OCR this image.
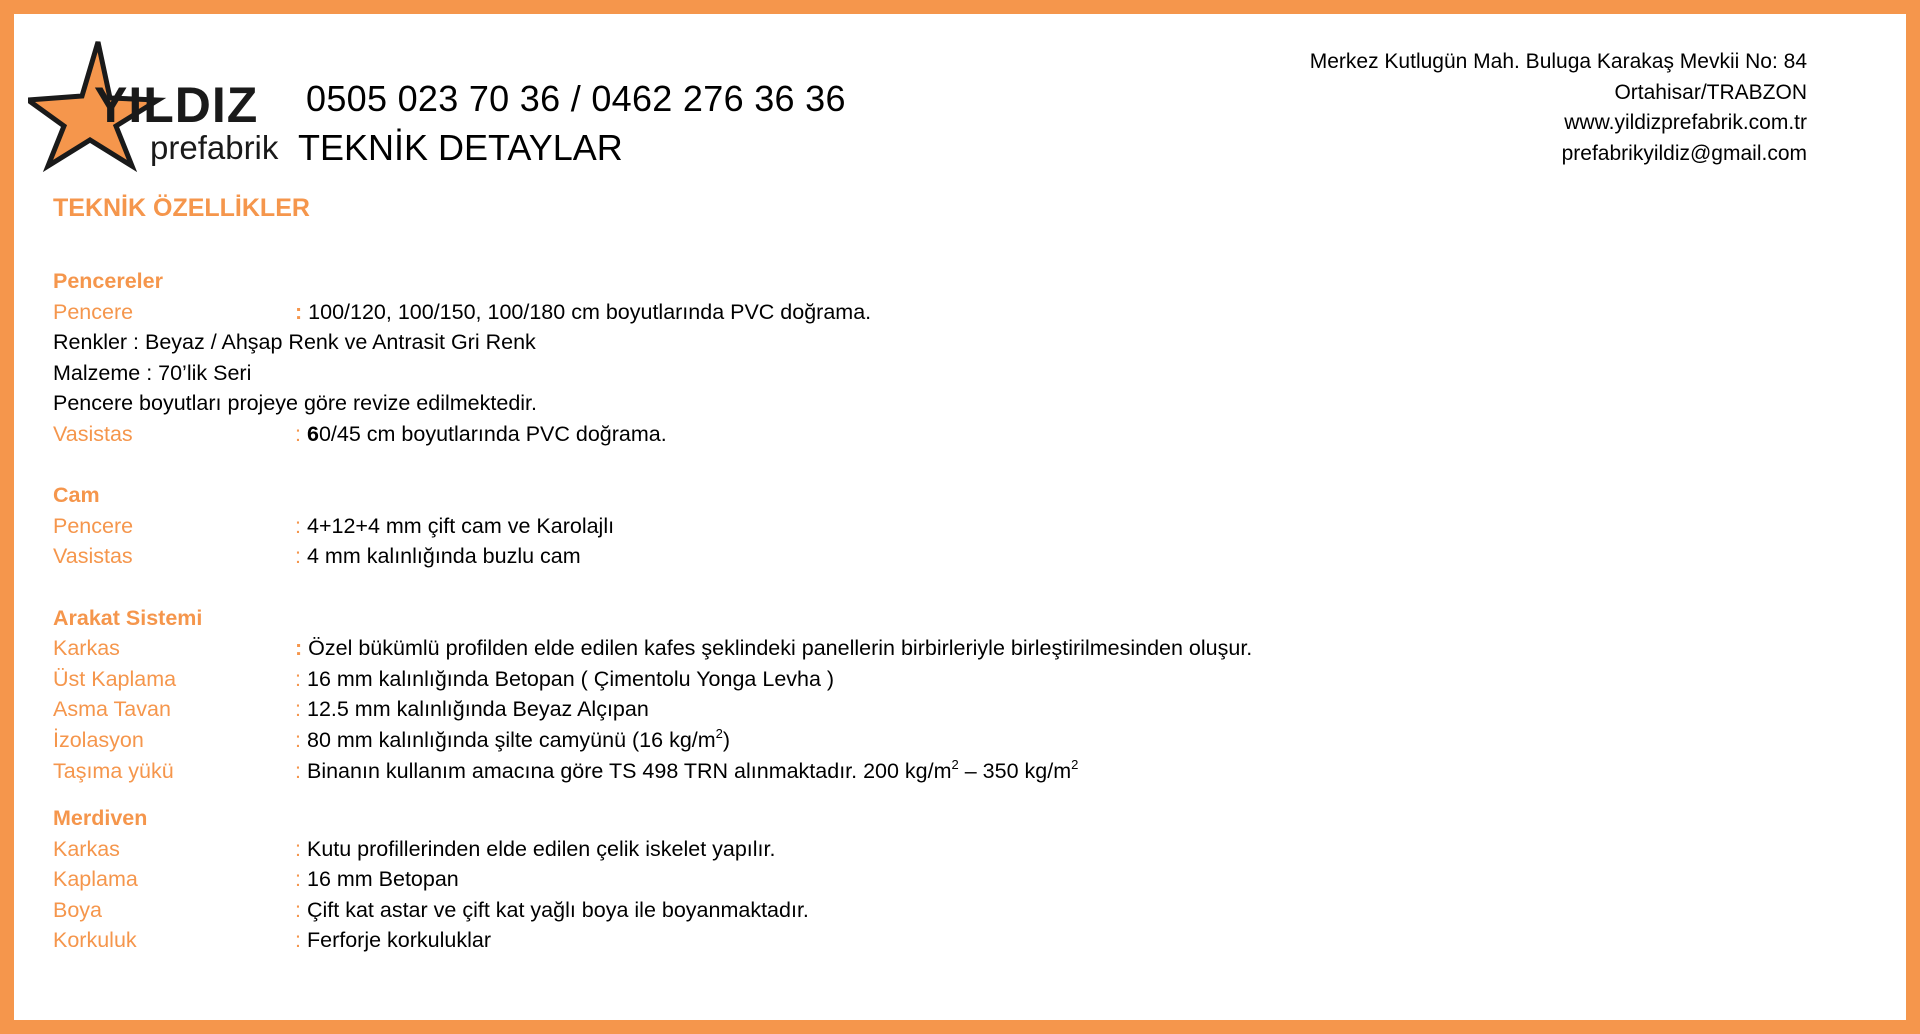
YILDIZ
prefabrik
0505 023 70 36 / 0462 276 36 36
TEKNİK DETAYLAR
Merkez Kutlugün Mah. Buluga Karakaş Mevkii No: 84
Ortahisar/TRABZON
www.yildizprefabrik.com.tr
prefabrikyildiz@gmail.com
TEKNİK ÖZELLİKLER
Pencereler
Pencere	: 100/120, 100/150, 100/180 cm boyutlarında PVC doğrama.
Renkler : Beyaz / Ahşap Renk ve Antrasit Gri Renk
Malzeme : 70’lik Seri
Pencere boyutları projeye göre revize edilmektedir.
Vasistas	: 60/45 cm boyutlarında PVC doğrama.
Cam
Pencere	: 4+12+4 mm çift cam ve Karolajlı
Vasistas	: 4 mm kalınlığında buzlu cam
Arakat Sistemi
Karkas	: Özel bükümlü profilden elde edilen kafes şeklindeki panellerin birbirleriyle birleştirilmesinden oluşur.
Üst Kaplama	: 16 mm kalınlığında Betopan ( Çimentolu Yonga Levha )
Asma Tavan	: 12.5 mm kalınlığında Beyaz Alçıpan
İzolasyon	: 80 mm kalınlığında şilte camyünü (16 $kg/m^2$)
Taşıma yükü	: Binanın kullanım amacına göre TS 498 TRN alınmaktadır. 200 $kg/m^2 - 350$ $kg/m^2$
Merdiven
Karkas	: Kutu profillerinden elde edilen çelik iskelet yapılır.
Kaplama	: 16 mm Betopan
Boya	: Çift kat astar ve çift kat yağlı boya ile boyanmaktadır.
Korkuluk	: Ferforje korkuluklar
